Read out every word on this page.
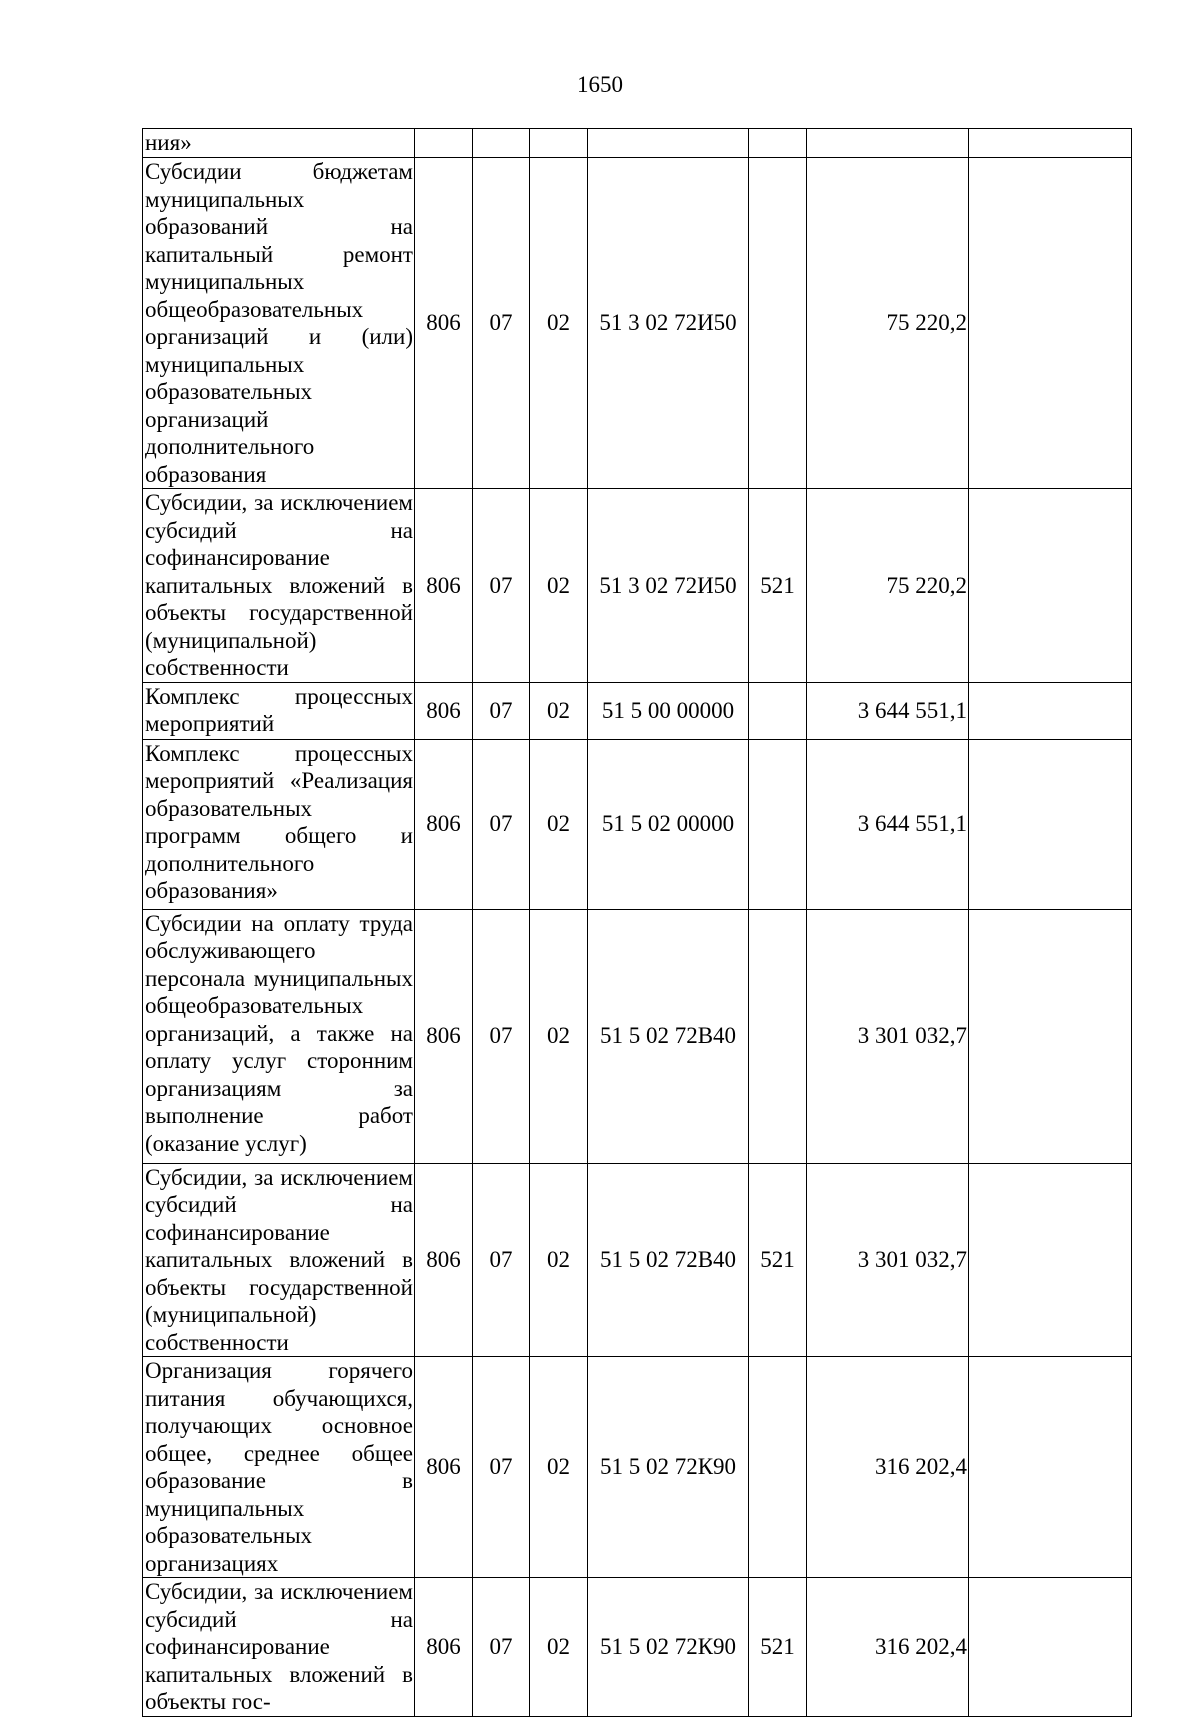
1650
ния»							
Субсидии бюджетам муниципальных образований на капитальный ремонт муниципальных общеобразовательных организаций и (или) муниципальных образовательных организаций дополнительного образования	806	07	02	51 3 02 72И50		75 220,2	
Субсидии, за исключением субсидий на софинансирование капитальных вложений в объекты государственной (муниципальной) собственности	806	07	02	51 3 02 72И50	521	75 220,2	
Комплекс процессных мероприятий	806	07	02	51 5 00 00000		3 644 551,1	
Комплекс процессных мероприятий «Реализация образовательных программ общего и дополнительного образования»	806	07	02	51 5 02 00000		3 644 551,1	
Субсидии на оплату труда обслуживающего персонала муниципальных общеобразовательных организаций, а также на оплату услуг сторонним организациям за выполнение работ (оказание услуг)	806	07	02	51 5 02 72В40		3 301 032,7	
Субсидии, за исключением субсидий на софинансирование капитальных вложений в объекты государственной (муниципальной) собственности	806	07	02	51 5 02 72В40	521	3 301 032,7	
Организация горячего питания обучающихся, получающих основное общее, среднее общее образование в муниципальных образовательных организациях	806	07	02	51 5 02 72К90		316 202,4	
Субсидии, за исключением субсидий на софинансирование капитальных вложений в объекты гос-	806	07	02	51 5 02 72К90	521	316 202,4	
